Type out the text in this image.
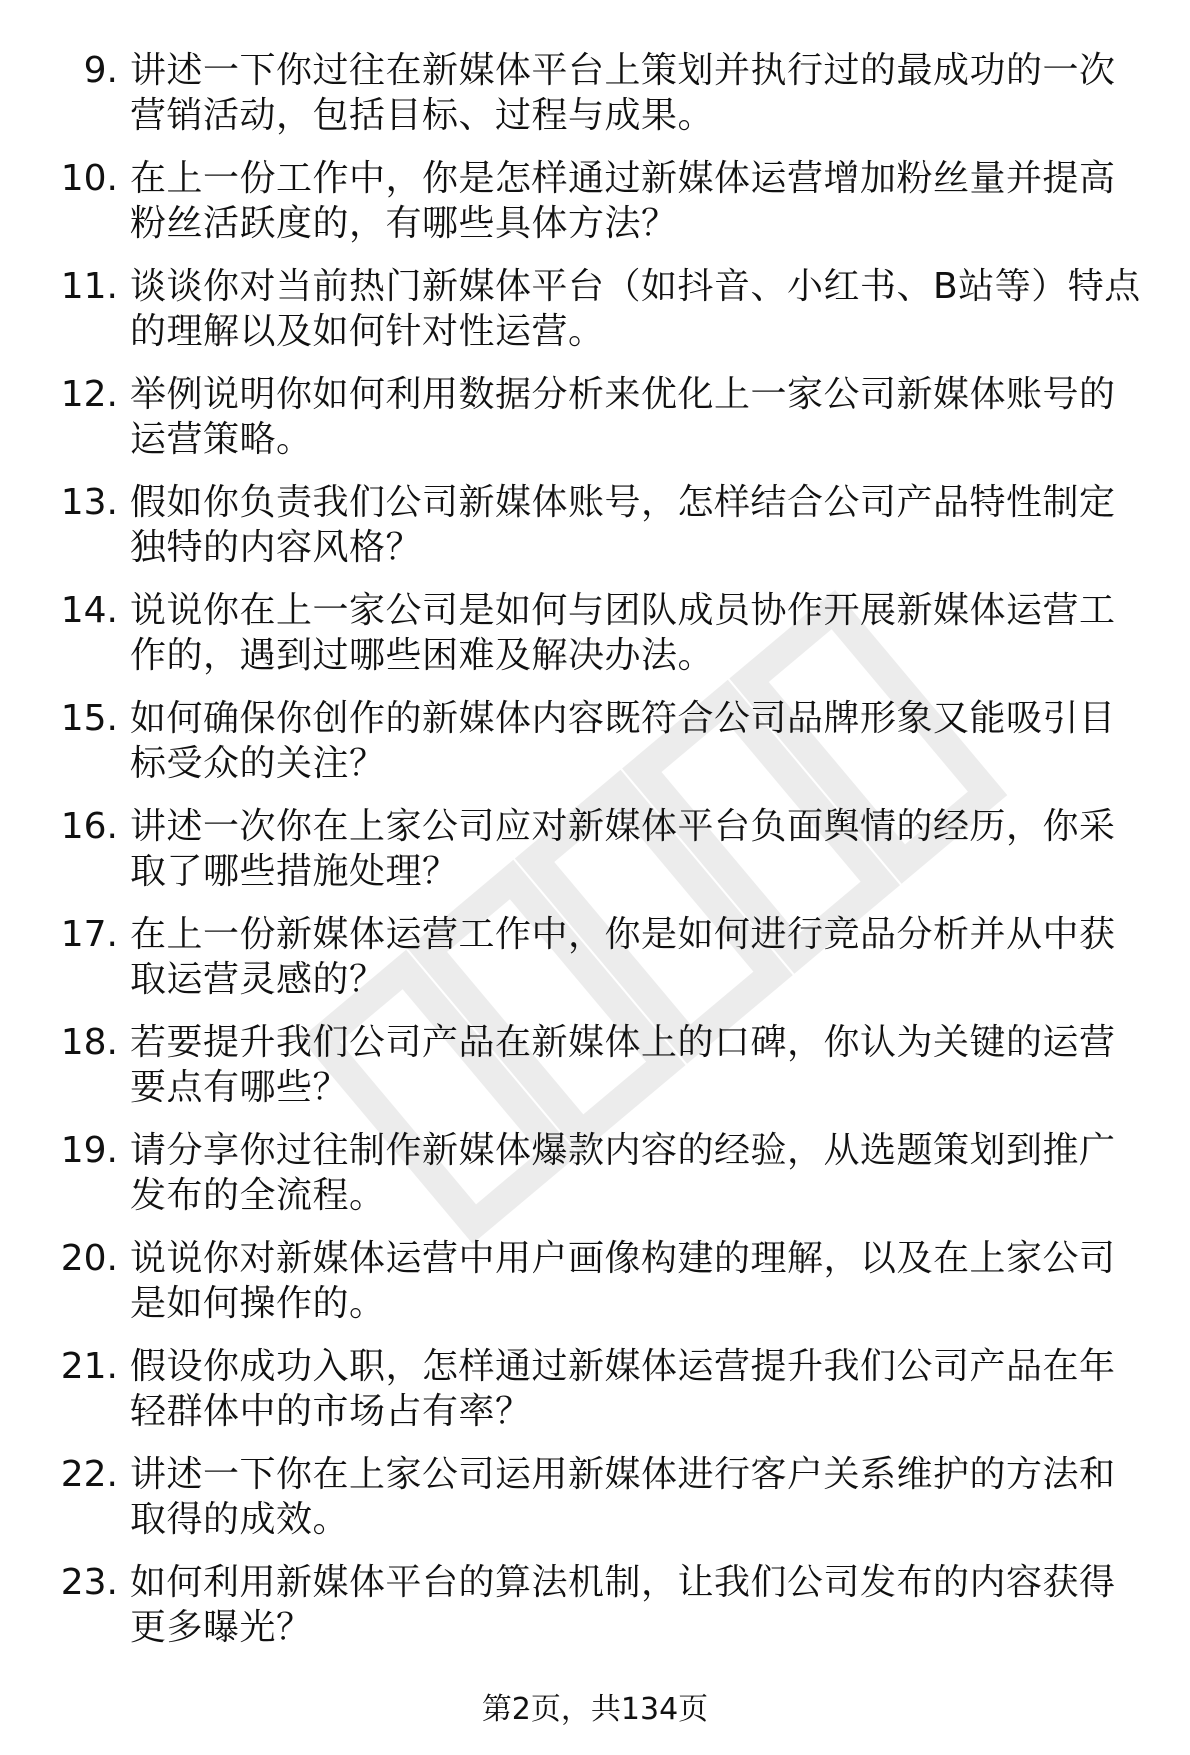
9. 讲述一下你过往在新媒体平台上策划并执行过的最成功的一次营销活动，包括目标、过程与成果。
10. 在上一份工作中，你是怎样通过新媒体运营增加粉丝量并提高粉丝活跃度的，有哪些具体方法？
11. 谈谈你对当前热门新媒体平台（如抖音、小红书、B站等）特点的理解以及如何针对性运营。
12. 举例说明你如何利用数据分析来优化上一家公司新媒体账号的运营策略。
13. 假如你负责我们公司新媒体账号，怎样结合公司产品特性制定独特的内容风格？
14. 说说你在上一家公司是如何与团队成员协作开展新媒体运营工作的，遇到过哪些困难及解决办法。
15. 如何确保你创作的新媒体内容既符合公司品牌形象又能吸引目标受众的关注？
16. 讲述一次你在上家公司应对新媒体平台负面舆情的经历，你采取了哪些措施处理？
17. 在上一份新媒体运营工作中，你是如何进行竞品分析并从中获取运营灵感的？
18. 若要提升我们公司产品在新媒体上的口碑，你认为关键的运营要点有哪些？
19. 请分享你过往制作新媒体爆款内容的经验，从选题策划到推广发布的全流程。
20. 说说你对新媒体运营中用户画像构建的理解，以及在上家公司是如何操作的。
21. 假设你成功入职，怎样通过新媒体运营提升我们公司产品在年轻群体中的市场占有率？
22. 讲述一下你在上家公司运用新媒体进行客户关系维护的方法和取得的成效。
23. 如何利用新媒体平台的算法机制，让我们公司发布的内容获得更多曝光？
第2页，共134页
